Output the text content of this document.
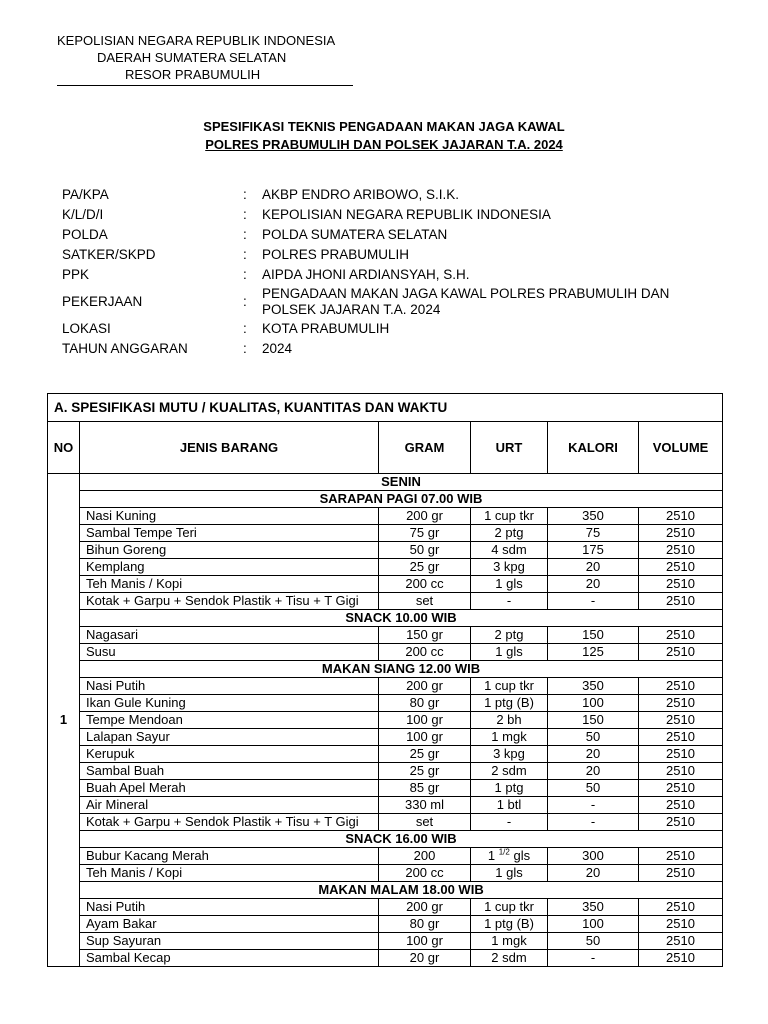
KEPOLISIAN NEGARA REPUBLIK INDONESIA
DAERAH SUMATERA SELATAN
RESOR PRABUMULIH
SPESIFIKASI TEKNIS PENGADAAN MAKAN JAGA KAWAL
POLRES PRABUMULIH DAN POLSEK JAJARAN T.A. 2024
PA/KPA	:	AKBP ENDRO ARIBOWO, S.I.K.
K/L/D/I	:	KEPOLISIAN NEGARA REPUBLIK INDONESIA
POLDA	:	POLDA SUMATERA SELATAN
SATKER/SKPD	:	POLRES PRABUMULIH
PPK	:	AIPDA JHONI ARDIANSYAH, S.H.
PEKERJAAN	:
PENGADAAN MAKAN JAGA KAWAL POLRES PRABUMULIH DAN POLSEK JAJARAN T.A. 2024
LOKASI	:	KOTA PRABUMULIH
TAHUN ANGGARAN	:	2024
A. SPESIFIKASI MUTU / KUALITAS, KUANTITAS DAN WAKTU					
NO	JENIS BARANG	GRAM	URT	KALORI	VOLUME
1	SENIN				
	SARAPAN PAGI 07.00 WIB				
	Nasi Kuning	200 gr	1 cup tkr	350	2510
	Sambal Tempe Teri	75 gr	2 ptg	75	2510
	Bihun Goreng	50 gr	4 sdm	175	2510
	Kemplang	25 gr	3 kpg	20	2510
	Teh Manis / Kopi	200 cc	1 gls	20	2510
	Kotak + Garpu + Sendok Plastik + Tisu + T Gigi	set	-	-	2510
	SNACK 10.00 WIB				
	Nagasari	150 gr	2 ptg	150	2510
	Susu	200 cc	1 gls	125	2510
	MAKAN SIANG 12.00 WIB				
	Nasi Putih	200 gr	1 cup tkr	350	2510
	Ikan Gule Kuning	80 gr	1 ptg (B)	100	2510
	Tempe Mendoan	100 gr	2 bh	150	2510
	Lalapan Sayur	100 gr	1 mgk	50	2510
	Kerupuk	25 gr	3 kpg	20	2510
	Sambal Buah	25 gr	2 sdm	20	2510
	Buah Apel Merah	85 gr	1 ptg	50	2510
	Air Mineral	330 ml	1 btl	-	2510
	Kotak + Garpu + Sendok Plastik + Tisu + T Gigi	set	-	-	2510
	SNACK 16.00 WIB				
	Bubur Kacang Merah	200	1 $^{1/2}$ gls	300	2510
	Teh Manis / Kopi	200 cc	1 gls	20	2510
	MAKAN MALAM 18.00 WIB				
	Nasi Putih	200 gr	1 cup tkr	350	2510
	Ayam Bakar	80 gr	1 ptg (B)	100	2510
	Sup Sayuran	100 gr	1 mgk	50	2510
	Sambal Kecap	20 gr	2 sdm	-	2510
